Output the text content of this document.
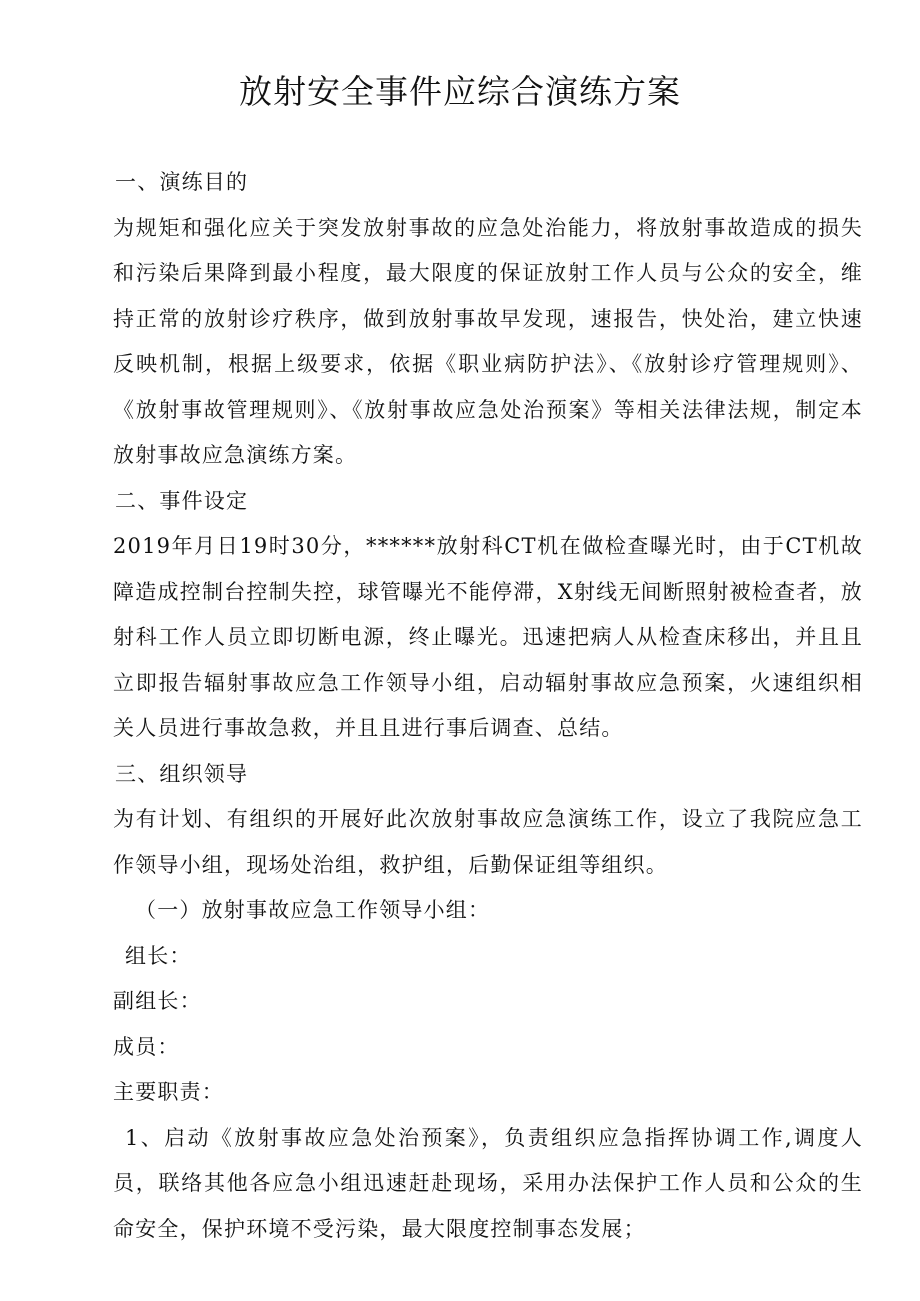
放射安全事件应综合演练方案

一、演练目的

为规矩和强化应关于突发放射事故的应急处治能力，将放射事故造成的损失和污染后果降到最小程度，最大限度的保证放射工作人员与公众的安全，维持正常的放射诊疗秩序，做到放射事故早发现，速报告，快处治，建立快速反映机制，根据上级要求，依据《职业病防护法》、《放射诊疗管理规则》、《放射事故管理规则》、《放射事故应急处治预案》等相关法律法规，制定本放射事故应急演练方案。

二、事件设定

2019年月日19时30分，******放射科CT机在做检查曝光时，由于CT机故障造成控制台控制失控，球管曝光不能停滞，X射线无间断照射被检查者，放射科工作人员立即切断电源，终止曝光。迅速把病人从检查床移出，并且且立即报告辐射事故应急工作领导小组，启动辐射事故应急预案，火速组织相关人员进行事故急救，并且且进行事后调查、总结。

三、组织领导

为有计划、有组织的开展好此次放射事故应急演练工作，设立了我院应急工作领导小组，现场处治组，救护组，后勤保证组等组织。

（一）放射事故应急工作领导小组：

组长：

副组长：

成员：

主要职责：

1、启动《放射事故应急处治预案》，负责组织应急指挥协调工作,调度人员，联络其他各应急小组迅速赶赴现场，采用办法保护工作人员和公众的生命安全，保护环境不受污染，最大限度控制事态发展；
